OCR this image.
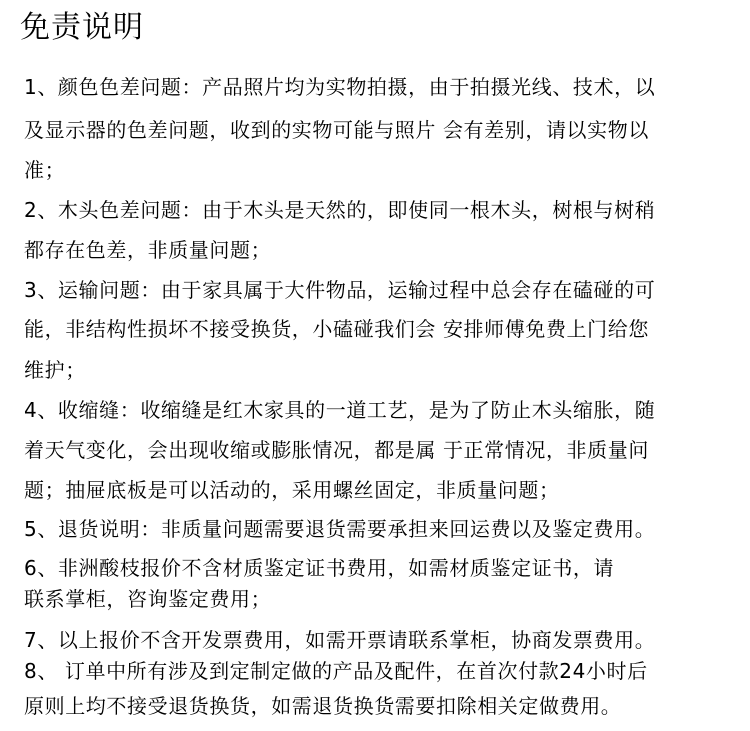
免责说明
1、颜色色差问题：产品照片均为实物拍摄，由于拍摄光线、技术，以
及显示器的色差问题，收到的实物可能与照片 会有差别，请以实物以
准；
2、木头色差问题：由于木头是天然的，即使同一根木头，树根与树稍
都存在色差，非质量问题；
3、运输问题：由于家具属于大件物品，运输过程中总会存在磕碰的可
能，非结构性损坏不接受换货，小磕碰我们会 安排师傅免费上门给您
维护；
4、收缩缝：收缩缝是红木家具的一道工艺，是为了防止木头缩胀，随
着天气变化，会出现收缩或膨胀情况，都是属 于正常情况，非质量问
题；抽屉底板是可以活动的，采用螺丝固定，非质量问题；
5、退货说明：非质量问题需要退货需要承担来回运费以及鉴定费用。
6、非洲酸枝报价不含材质鉴定证书费用，如需材质鉴定证书，请
联系掌柜，咨询鉴定费用；
7、以上报价不含开发票费用，如需开票请联系掌柜，协商发票费用。
8、 订单中所有涉及到定制定做的产品及配件，在首次付款24小时后
原则上均不接受退货换货，如需退货换货需要扣除相关定做费用。
